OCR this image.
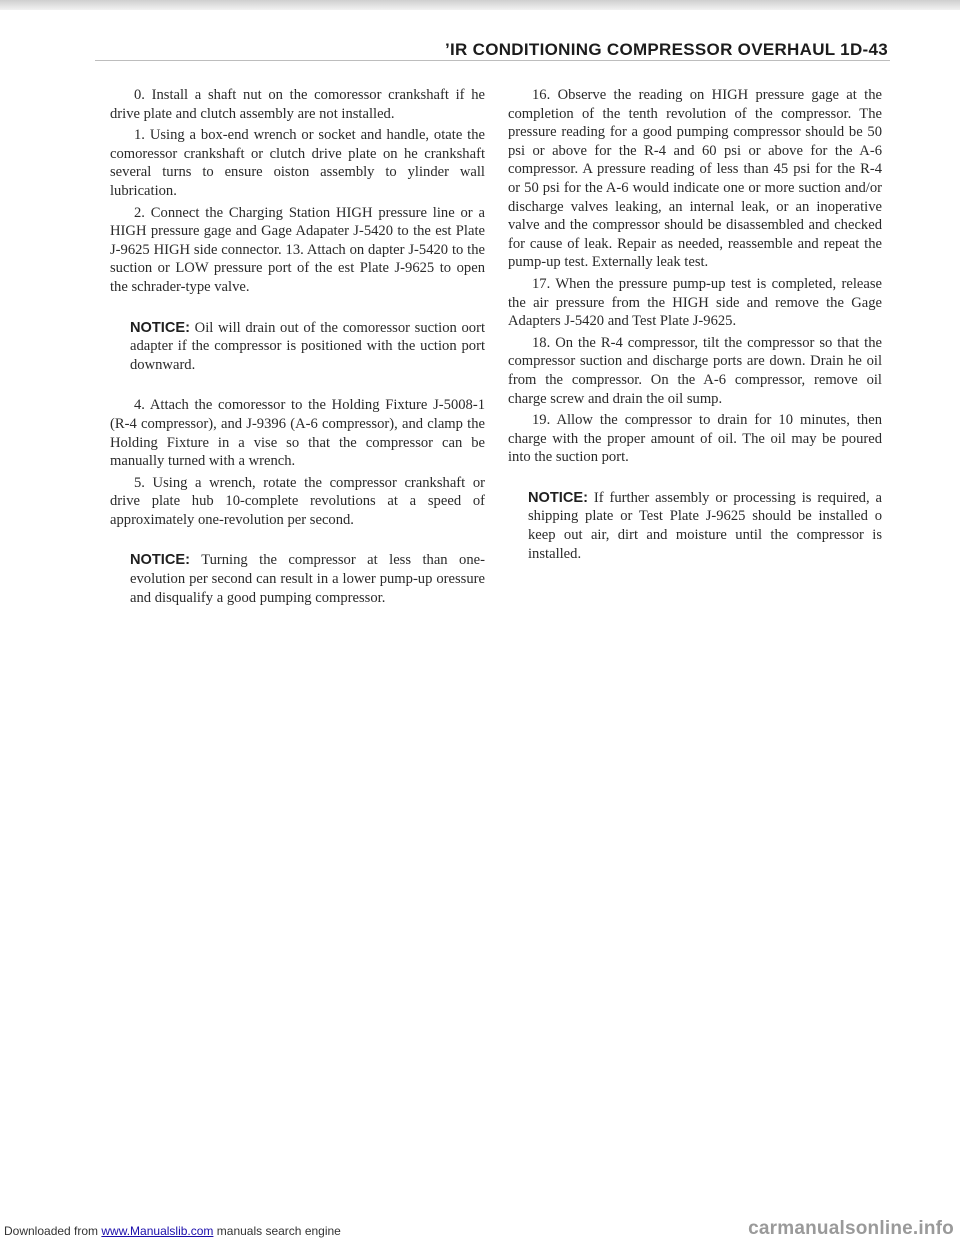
’IR CONDITIONING COMPRESSOR OVERHAUL 1D-43

0. Install a shaft nut on the comoressor crankshaft if he drive plate and clutch assembly are not installed.

1. Using a box-end wrench or socket and handle, otate the comoressor crankshaft or clutch drive plate on he crankshaft several turns to ensure oiston assembly to ylinder wall lubrication.

2. Connect the Charging Station HIGH pressure line or a HIGH pressure gage and Gage Adapater J-5420 to the est Plate J-9625 HIGH side connector. 13. Attach on dapter J-5420 to the suction or LOW pressure port of the est Plate J-9625 to open the schrader-type valve.

NOTICE: Oil will drain out of the comoressor suction oort adapter if the compressor is positioned with the uction port downward.

4. Attach the comoressor to the Holding Fixture J-5008-1 (R-4 compressor), and J-9396 (A-6 compressor), and clamp the Holding Fixture in a vise so that the compressor can be manually turned with a wrench.

5. Using a wrench, rotate the compressor crankshaft or drive plate hub 10-complete revolutions at a speed of approximately one-revolution per second.

NOTICE: Turning the compressor at less than one-evolution per second can result in a lower pump-up oressure and disqualify a good pumping compressor.

16. Observe the reading on HIGH pressure gage at the completion of the tenth revolution of the compressor. The pressure reading for a good pumping compressor should be 50 psi or above for the R-4 and 60 psi or above for the A-6 compressor. A pressure reading of less than 45 psi for the R-4 or 50 psi for the A-6 would indicate one or more suction and/or discharge valves leaking, an internal leak, or an inoperative valve and the compressor should be disassembled and checked for cause of leak. Repair as needed, reassemble and repeat the pump-up test. Externally leak test.

17. When the pressure pump-up test is completed, release the air pressure from the HIGH side and remove the Gage Adapters J-5420 and Test Plate J-9625.

18. On the R-4 compressor, tilt the compressor so that the compressor suction and discharge ports are down. Drain he oil from the compressor. On the A-6 compressor, remove oil charge screw and drain the oil sump.

19. Allow the compressor to drain for 10 minutes, then charge with the proper amount of oil. The oil may be poured into the suction port.

NOTICE: If further assembly or processing is required, a shipping plate or Test Plate J-9625 should be installed o keep out air, dirt and moisture until the compressor is installed.

Downloaded from www.Manualslib.com manuals search engine	carmanualsonline.info
